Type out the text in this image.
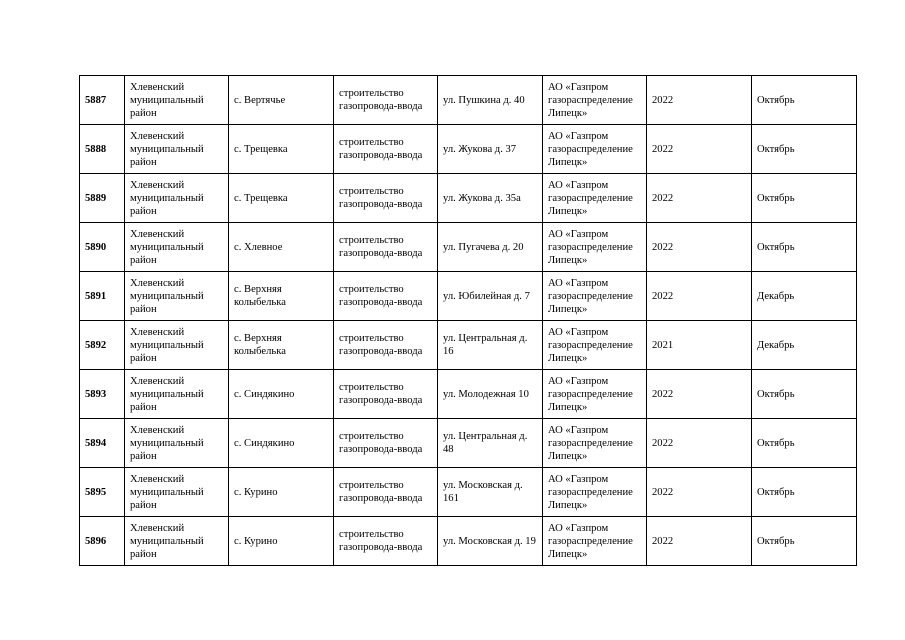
5887	Хлевенский муниципальный район	с. Вертячье	строительство газопровода-ввода	ул. Пушкина д. 40	АО «Газпром газораспределение Липецк»	2022	Октябрь
5888	Хлевенский муниципальный район	с. Трещевка	строительство газопровода-ввода	ул. Жукова д. 37	АО «Газпром газораспределение Липецк»	2022	Октябрь
5889	Хлевенский муниципальный район	с. Трещевка	строительство газопровода-ввода	ул. Жукова д. 35а	АО «Газпром газораспределение Липецк»	2022	Октябрь
5890	Хлевенский муниципальный район	с. Хлевное	строительство газопровода-ввода	ул. Пугачева д. 20	АО «Газпром газораспределение Липецк»	2022	Октябрь
5891	Хлевенский муниципальный район	с. Верхняя колыбелька	строительство газопровода-ввода	ул. Юбилейная д. 7	АО «Газпром газораспределение Липецк»	2022	Декабрь
5892	Хлевенский муниципальный район	с. Верхняя колыбелька	строительство газопровода-ввода	ул. Центральная д. 16	АО «Газпром газораспределение Липецк»	2021	Декабрь
5893	Хлевенский муниципальный район	с. Синдякино	строительство газопровода-ввода	ул. Молодежная 10	АО «Газпром газораспределение Липецк»	2022	Октябрь
5894	Хлевенский муниципальный район	с. Синдякино	строительство газопровода-ввода	ул. Центральная д. 48	АО «Газпром газораспределение Липецк»	2022	Октябрь
5895	Хлевенский муниципальный район	с. Курино	строительство газопровода-ввода	ул. Московская д. 161	АО «Газпром газораспределение Липецк»	2022	Октябрь
5896	Хлевенский муниципальный район	с. Курино	строительство газопровода-ввода	ул. Московская д. 19	АО «Газпром газораспределение Липецк»	2022	Октябрь
